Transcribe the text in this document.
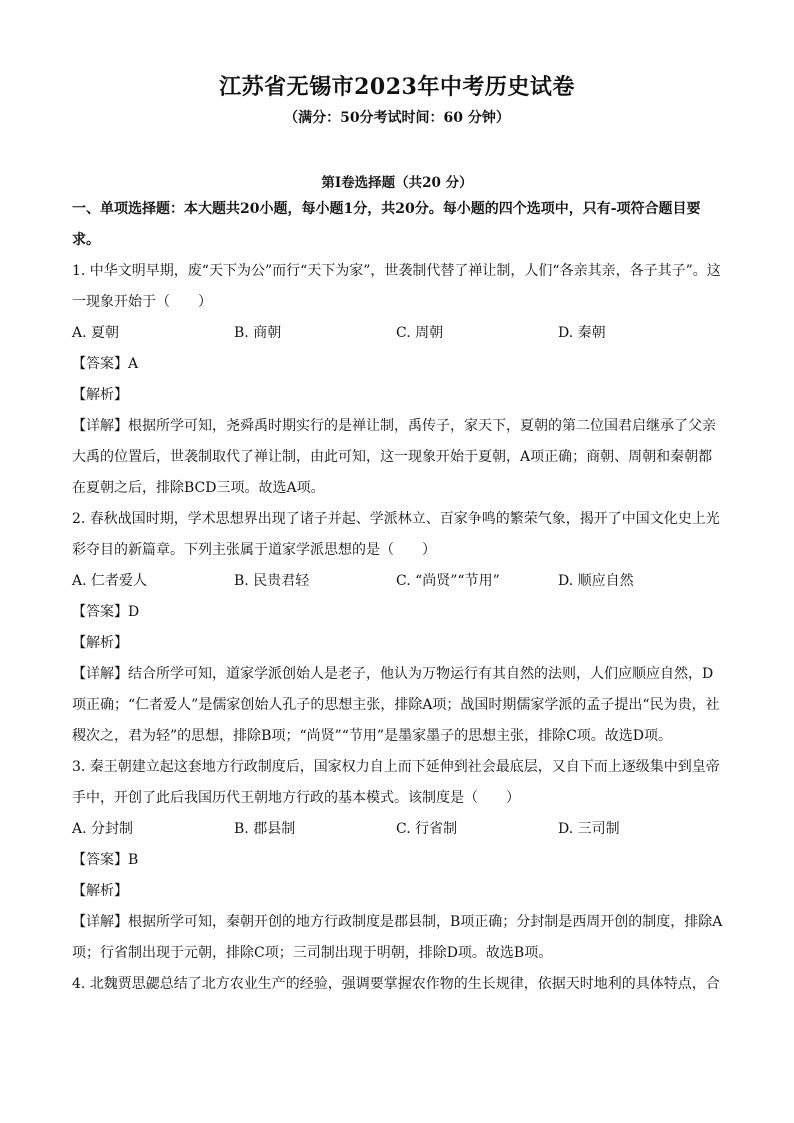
江苏省无锡市2023年中考历史试卷
（满分：50分考试时间：60 分钟）
第I卷选择题（共20 分）

一、单项选择题：本大题共20小题，每小题1分，共20分。每小题的四个选项中，只有-项符合题目要求。

1. 中华文明早期，废“天下为公”而行“天下为家”，世袭制代替了禅让制，人们“各亲其亲，各子其子”。这一现象开始于（　　）

A. 夏朝	B. 商朝	C. 周朝	D. 秦朝

【答案】A

【解析】

【详解】根据所学可知，尧舜禹时期实行的是禅让制，禹传子，家天下，夏朝的第二位国君启继承了父亲大禹的位置后，世袭制取代了禅让制，由此可知，这一现象开始于夏朝，A项正确；商朝、周朝和秦朝都在夏朝之后，排除BCD三项。故选A项。

2. 春秋战国时期，学术思想界出现了诸子并起、学派林立、百家争鸣的繁荣气象，揭开了中国文化史上光彩夺目的新篇章。下列主张属于道家学派思想的是（　　）

A. 仁者爱人	B. 民贵君轻	C. “尚贤”“节用”	D. 顺应自然

【答案】D

【解析】

【详解】结合所学可知，道家学派创始人是老子，他认为万物运行有其自然的法则，人们应顺应自然，D项正确；“仁者爱人”是儒家创始人孔子的思想主张，排除A项；战国时期儒家学派的孟子提出“民为贵，社稷次之，君为轻”的思想，排除B项；“尚贤”“节用”是墨家墨子的思想主张，排除C项。故选D项。

3. 秦王朝建立起这套地方行政制度后，国家权力自上而下延伸到社会最底层，又自下而上逐级集中到皇帝手中，开创了此后我国历代王朝地方行政的基本模式。该制度是（　　）

A. 分封制	B. 郡县制	C. 行省制	D. 三司制

【答案】B

【解析】

【详解】根据所学可知，秦朝开创的地方行政制度是郡县制，B项正确；分封制是西周开创的制度，排除A项；行省制出现于元朝，排除C项；三司制出现于明朝，排除D项。故选B项。

4. 北魏贾思勰总结了北方农业生产的经验，强调要掌握农作物的生长规律，依据天时地利的具体特点，合
